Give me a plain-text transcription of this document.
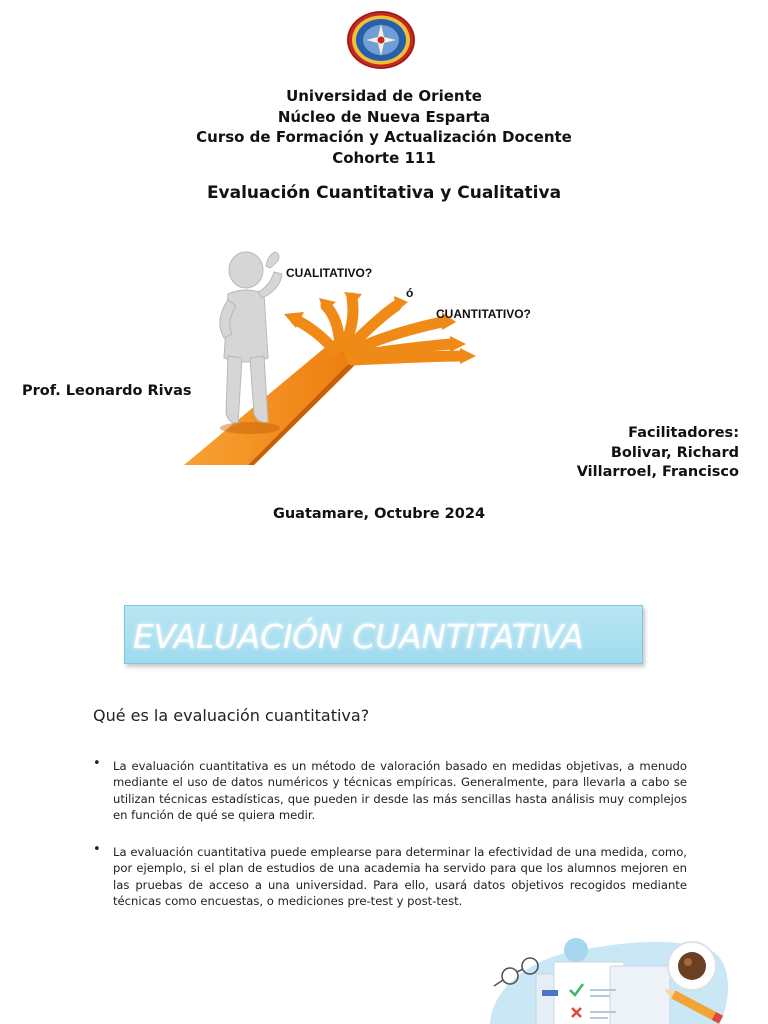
Universidad de Oriente
Núcleo de Nueva Esparta
Curso de Formación y Actualización Docente
Cohorte 111
Evaluación Cuantitativa y Cualitativa
CUALITATIVO?
ó
CUANTITATIVO?
Prof. Leonardo Rivas
Facilitadores:
Bolivar, Richard
Villarroel, Francisco
Guatamare, Octubre 2024
EVALUACIÓN CUANTITATIVA
Qué es la evaluación cuantitativa?
• La evaluación cuantitativa es un método de valoración basado en medidas objetivas, a menudo mediante el uso de datos numéricos y técnicas empíricas. Generalmente, para llevarla a cabo se utilizan técnicas estadísticas, que pueden ir desde las más sencillas hasta análisis muy complejos en función de qué se quiera medir.
• La evaluación cuantitativa puede emplearse para determinar la efectividad de una medida, como, por ejemplo, si el plan de estudios de una academia ha servido para que los alumnos mejoren en las pruebas de acceso a una universidad. Para ello, usará datos objetivos recogidos mediante técnicas como encuestas, o mediciones pre-test y post-test.
